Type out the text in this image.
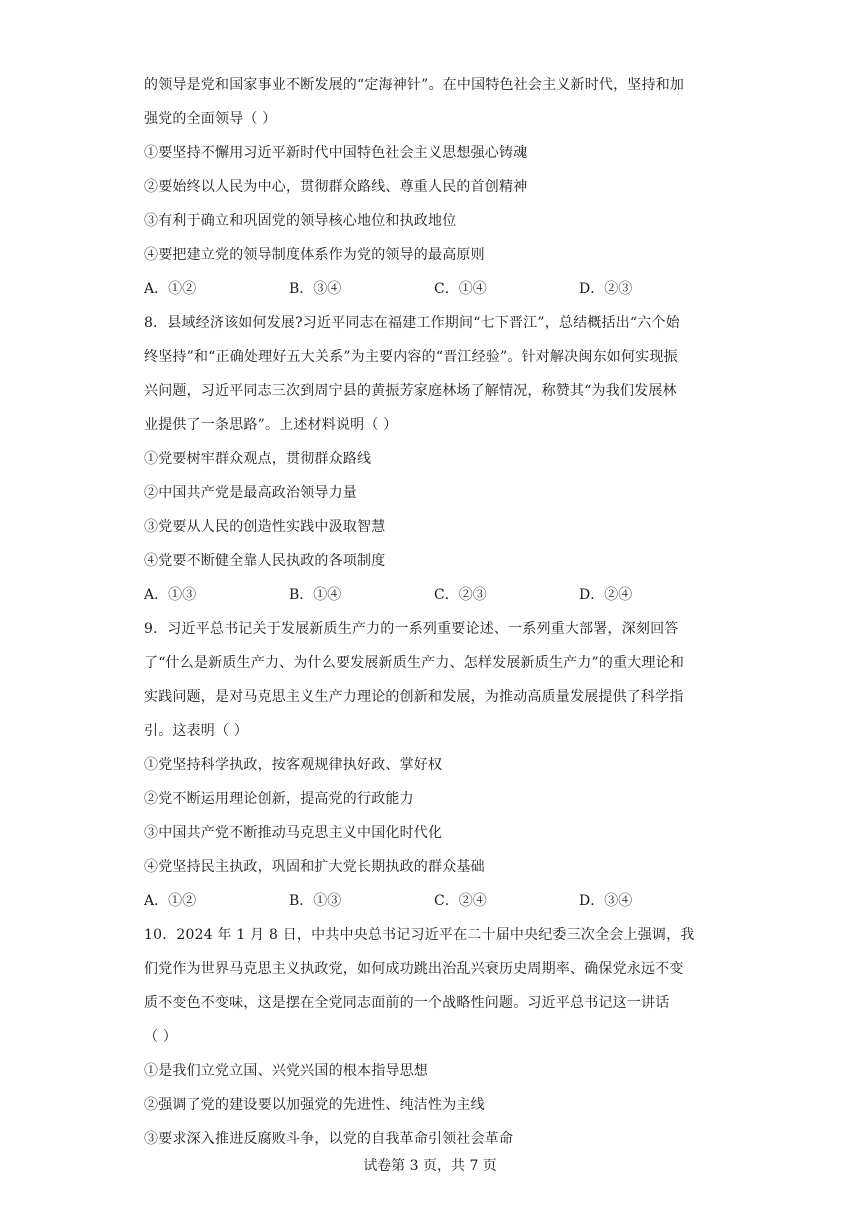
的领导是党和国家事业不断发展的“定海神针”。在中国特色社会主义新时代，坚持和加
强党的全面领导（ ）
①要坚持不懈用习近平新时代中国特色社会主义思想强心铸魂
②要始终以人民为中心，贯彻群众路线、尊重人民的首创精神
③有利于确立和巩固党的领导核心地位和执政地位
④要把建立党的领导制度体系作为党的领导的最高原则
A．①②	B．③④	C．①④	D．②③
8．县域经济该如何发展?习近平同志在福建工作期间“七下晋江”，总结概括出“六个始
终坚持”和“正确处理好五大关系”为主要内容的“晋江经验”。针对解决闽东如何实现振
兴问题，习近平同志三次到周宁县的黄振芳家庭林场了解情况，称赞其“为我们发展林
业提供了一条思路”。上述材料说明（ ）
①党要树牢群众观点，贯彻群众路线
②中国共产党是最高政治领导力量
③党要从人民的创造性实践中汲取智慧
④党要不断健全靠人民执政的各项制度
A．①③	B．①④	C．②③	D．②④
9．习近平总书记关于发展新质生产力的一系列重要论述、一系列重大部署，深刻回答
了“什么是新质生产力、为什么要发展新质生产力、怎样发展新质生产力”的重大理论和
实践问题，是对马克思主义生产力理论的创新和发展，为推动高质量发展提供了科学指
引。这表明（ ）
①党坚持科学执政，按客观规律执好政、掌好权
②党不断运用理论创新，提高党的行政能力
③中国共产党不断推动马克思主义中国化时代化
④党坚持民主执政，巩固和扩大党长期执政的群众基础
A．①②	B．①③	C．②④	D．③④
10．2024 年 1 月 8 日，中共中央总书记习近平在二十届中央纪委三次全会上强调，我
们党作为世界马克思主义执政党，如何成功跳出治乱兴衰历史周期率、确保党永远不变
质不变色不变味，这是摆在全党同志面前的一个战略性问题。习近平总书记这一讲话
（ ）
①是我们立党立国、兴党兴国的根本指导思想
②强调了党的建设要以加强党的先进性、纯洁性为主线
③要求深入推进反腐败斗争，以党的自我革命引领社会革命
试卷第 3 页，共 7 页
